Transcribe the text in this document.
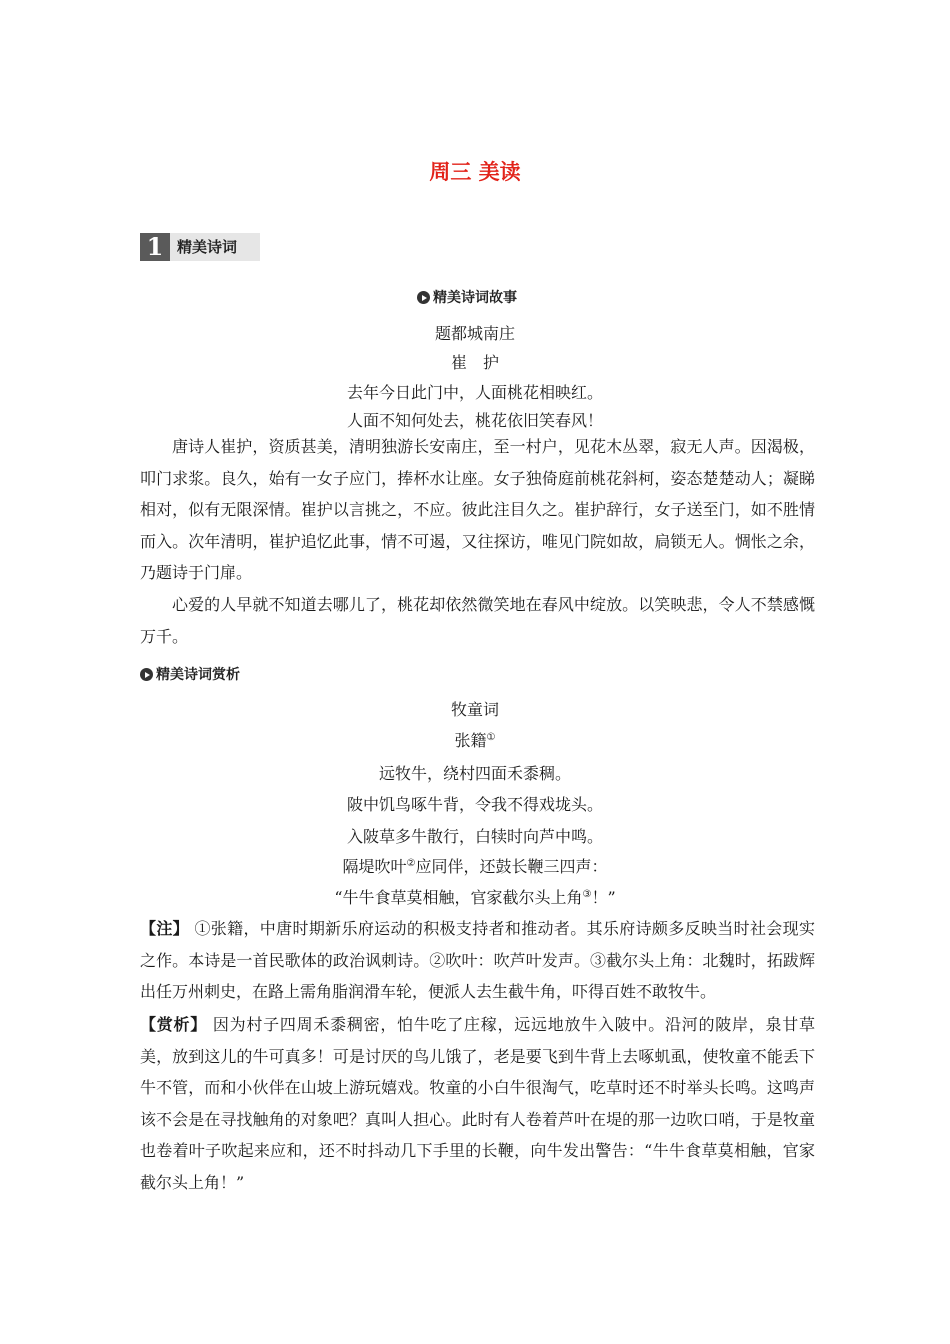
周三 美读
1 精美诗词
精美诗词故事
题都城南庄
崔　护
去年今日此门中，人面桃花相映红。
人面不知何处去，桃花依旧笑春风！

唐诗人崔护，资质甚美，清明独游长安南庄，至一村户，见花木丛翠，寂无人声。因渴极，叩门求浆。良久，始有一女子应门，捧杯水让座。女子独倚庭前桃花斜柯，姿态楚楚动人；凝睇相对，似有无限深情。崔护以言挑之，不应。彼此注目久之。崔护辞行，女子送至门，如不胜情而入。次年清明，崔护追忆此事，情不可遏，又往探访，唯见门院如故，扃锁无人。惆怅之余，乃题诗于门扉。

心爱的人早就不知道去哪儿了，桃花却依然微笑地在春风中绽放。以笑映悲，令人不禁感慨万千。

精美诗词赏析
牧童词
张籍①
远牧牛，绕村四面禾黍稠。
陂中饥鸟啄牛背，令我不得戏垅头。
入陂草多牛散行，白犊时向芦中鸣。
隔堤吹叶②应同伴，还鼓长鞭三四声：
“牛牛食草莫相触，官家截尔头上角③！”

【注】 ①张籍，中唐时期新乐府运动的积极支持者和推动者。其乐府诗颇多反映当时社会现实之作。本诗是一首民歌体的政治讽刺诗。②吹叶：吹芦叶发声。③截尔头上角：北魏时，拓跋辉出任万州刺史，在路上需角脂润滑车轮，便派人去生截牛角，吓得百姓不敢牧牛。

【赏析】 因为村子四周禾黍稠密，怕牛吃了庄稼，远远地放牛入陂中。沿河的陂岸，泉甘草美，放到这儿的牛可真多！可是讨厌的鸟儿饿了，老是要飞到牛背上去啄虮虱，使牧童不能丢下牛不管，而和小伙伴在山坡上游玩嬉戏。牧童的小白牛很淘气，吃草时还不时举头长鸣。这鸣声该不会是在寻找触角的对象吧？真叫人担心。此时有人卷着芦叶在堤的那一边吹口哨，于是牧童也卷着叶子吹起来应和，还不时抖动几下手里的长鞭，向牛发出警告：“牛牛食草莫相触，官家截尔头上角！”
